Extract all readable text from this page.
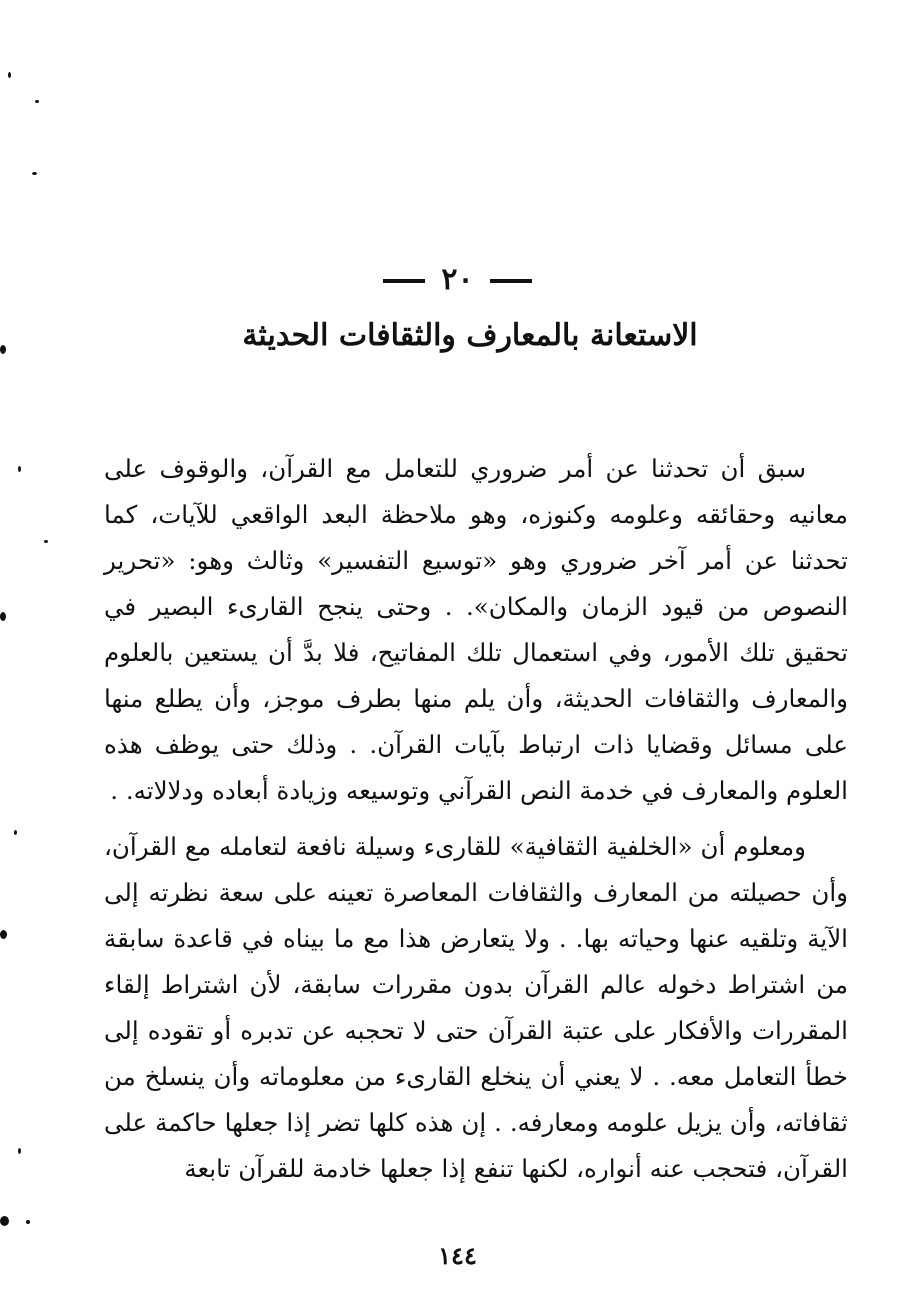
٢٠
الاستعانة بالمعارف والثقافات الحديثة

سبق أن تحدثنا عن أمر ضروري للتعامل مع القرآن، والوقوف على معانيه وحقائقه وعلومه وكنوزه، وهو ملاحظة البعد الواقعي للآيات، كما تحدثنا عن أمر آخر ضروري وهو «توسيع التفسير» وثالث وهو: «تحرير النصوص من قيود الزمان والمكان». . وحتى ينجح القارىء البصير في تحقيق تلك الأمور، وفي استعمال تلك المفاتيح، فلا بدَّ أن يستعين بالعلوم والمعارف والثقافات الحديثة، وأن يلم منها بطرف موجز، وأن يطلع منها على مسائل وقضايا ذات ارتباط بآيات القرآن. . وذلك حتى يوظف هذه العلوم والمعارف في خدمة النص القرآني وتوسيعه وزيادة أبعاده ودلالاته. .

ومعلوم أن «الخلفية الثقافية» للقارىء وسيلة نافعة لتعامله مع القرآن، وأن حصيلته من المعارف والثقافات المعاصرة تعينه على سعة نظرته إلى الآية وتلقيه عنها وحياته بها. . ولا يتعارض هذا مع ما بيناه في قاعدة سابقة من اشتراط دخوله عالم القرآن بدون مقررات سابقة، لأن اشتراط إلقاء المقررات والأفكار على عتبة القرآن حتى لا تحجبه عن تدبره أو تقوده إلى خطأ التعامل معه. . لا يعني أن ينخلع القارىء من معلوماته وأن ينسلخ من ثقافاته، وأن يزيل علومه ومعارفه. . إن هذه كلها تضر إذا جعلها حاكمة على القرآن، فتحجب عنه أنواره، لكنها تنفع إذا جعلها خادمة للقرآن تابعة

١٤٤
